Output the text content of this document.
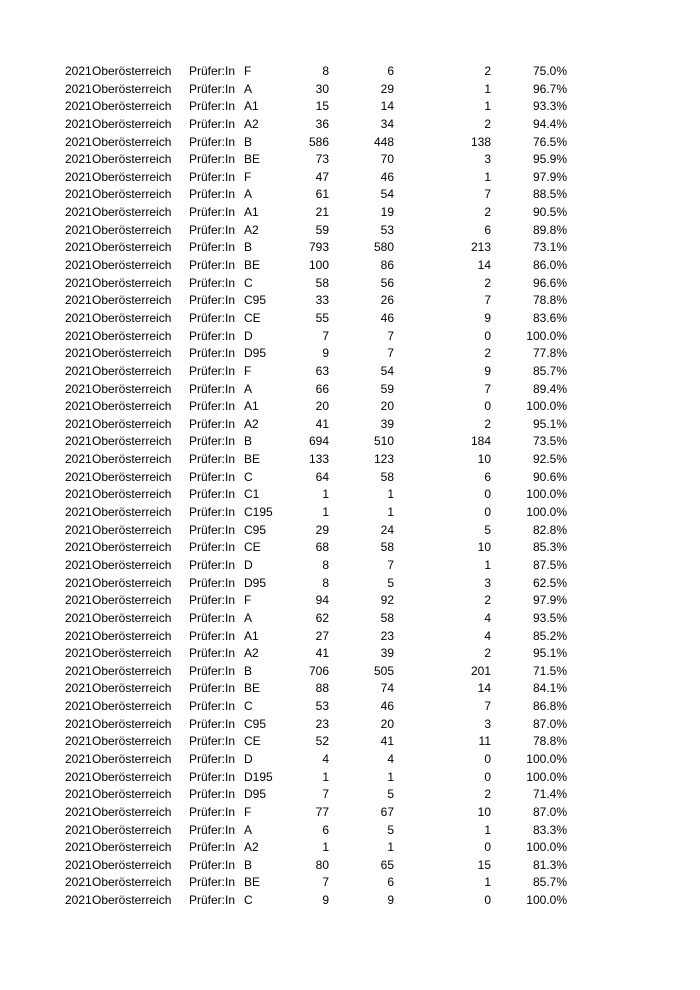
2021 Oberösterreich Prüfer:In F	8	6	2	75.0%
2021 Oberösterreich Prüfer:In A	30	29	1	96.7%
2021 Oberösterreich Prüfer:In A1	15	14	1	93.3%
2021 Oberösterreich Prüfer:In A2	36	34	2	94.4%
2021 Oberösterreich Prüfer:In B	586	448	138	76.5%
2021 Oberösterreich Prüfer:In BE	73	70	3	95.9%
2021 Oberösterreich Prüfer:In F	47	46	1	97.9%
2021 Oberösterreich Prüfer:In A	61	54	7	88.5%
2021 Oberösterreich Prüfer:In A1	21	19	2	90.5%
2021 Oberösterreich Prüfer:In A2	59	53	6	89.8%
2021 Oberösterreich Prüfer:In B	793	580	213	73.1%
2021 Oberösterreich Prüfer:In BE	100	86	14	86.0%
2021 Oberösterreich Prüfer:In C	58	56	2	96.6%
2021 Oberösterreich Prüfer:In C95	33	26	7	78.8%
2021 Oberösterreich Prüfer:In CE	55	46	9	83.6%
2021 Oberösterreich Prüfer:In D	7	7	0	100.0%
2021 Oberösterreich Prüfer:In D95	9	7	2	77.8%
2021 Oberösterreich Prüfer:In F	63	54	9	85.7%
2021 Oberösterreich Prüfer:In A	66	59	7	89.4%
2021 Oberösterreich Prüfer:In A1	20	20	0	100.0%
2021 Oberösterreich Prüfer:In A2	41	39	2	95.1%
2021 Oberösterreich Prüfer:In B	694	510	184	73.5%
2021 Oberösterreich Prüfer:In BE	133	123	10	92.5%
2021 Oberösterreich Prüfer:In C	64	58	6	90.6%
2021 Oberösterreich Prüfer:In C1	1	1	0	100.0%
2021 Oberösterreich Prüfer:In C195	1	1	0	100.0%
2021 Oberösterreich Prüfer:In C95	29	24	5	82.8%
2021 Oberösterreich Prüfer:In CE	68	58	10	85.3%
2021 Oberösterreich Prüfer:In D	8	7	1	87.5%
2021 Oberösterreich Prüfer:In D95	8	5	3	62.5%
2021 Oberösterreich Prüfer:In F	94	92	2	97.9%
2021 Oberösterreich Prüfer:In A	62	58	4	93.5%
2021 Oberösterreich Prüfer:In A1	27	23	4	85.2%
2021 Oberösterreich Prüfer:In A2	41	39	2	95.1%
2021 Oberösterreich Prüfer:In B	706	505	201	71.5%
2021 Oberösterreich Prüfer:In BE	88	74	14	84.1%
2021 Oberösterreich Prüfer:In C	53	46	7	86.8%
2021 Oberösterreich Prüfer:In C95	23	20	3	87.0%
2021 Oberösterreich Prüfer:In CE	52	41	11	78.8%
2021 Oberösterreich Prüfer:In D	4	4	0	100.0%
2021 Oberösterreich Prüfer:In D195	1	1	0	100.0%
2021 Oberösterreich Prüfer:In D95	7	5	2	71.4%
2021 Oberösterreich Prüfer:In F	77	67	10	87.0%
2021 Oberösterreich Prüfer:In A	6	5	1	83.3%
2021 Oberösterreich Prüfer:In A2	1	1	0	100.0%
2021 Oberösterreich Prüfer:In B	80	65	15	81.3%
2021 Oberösterreich Prüfer:In BE	7	6	1	85.7%
2021 Oberösterreich Prüfer:In C	9	9	0	100.0%
